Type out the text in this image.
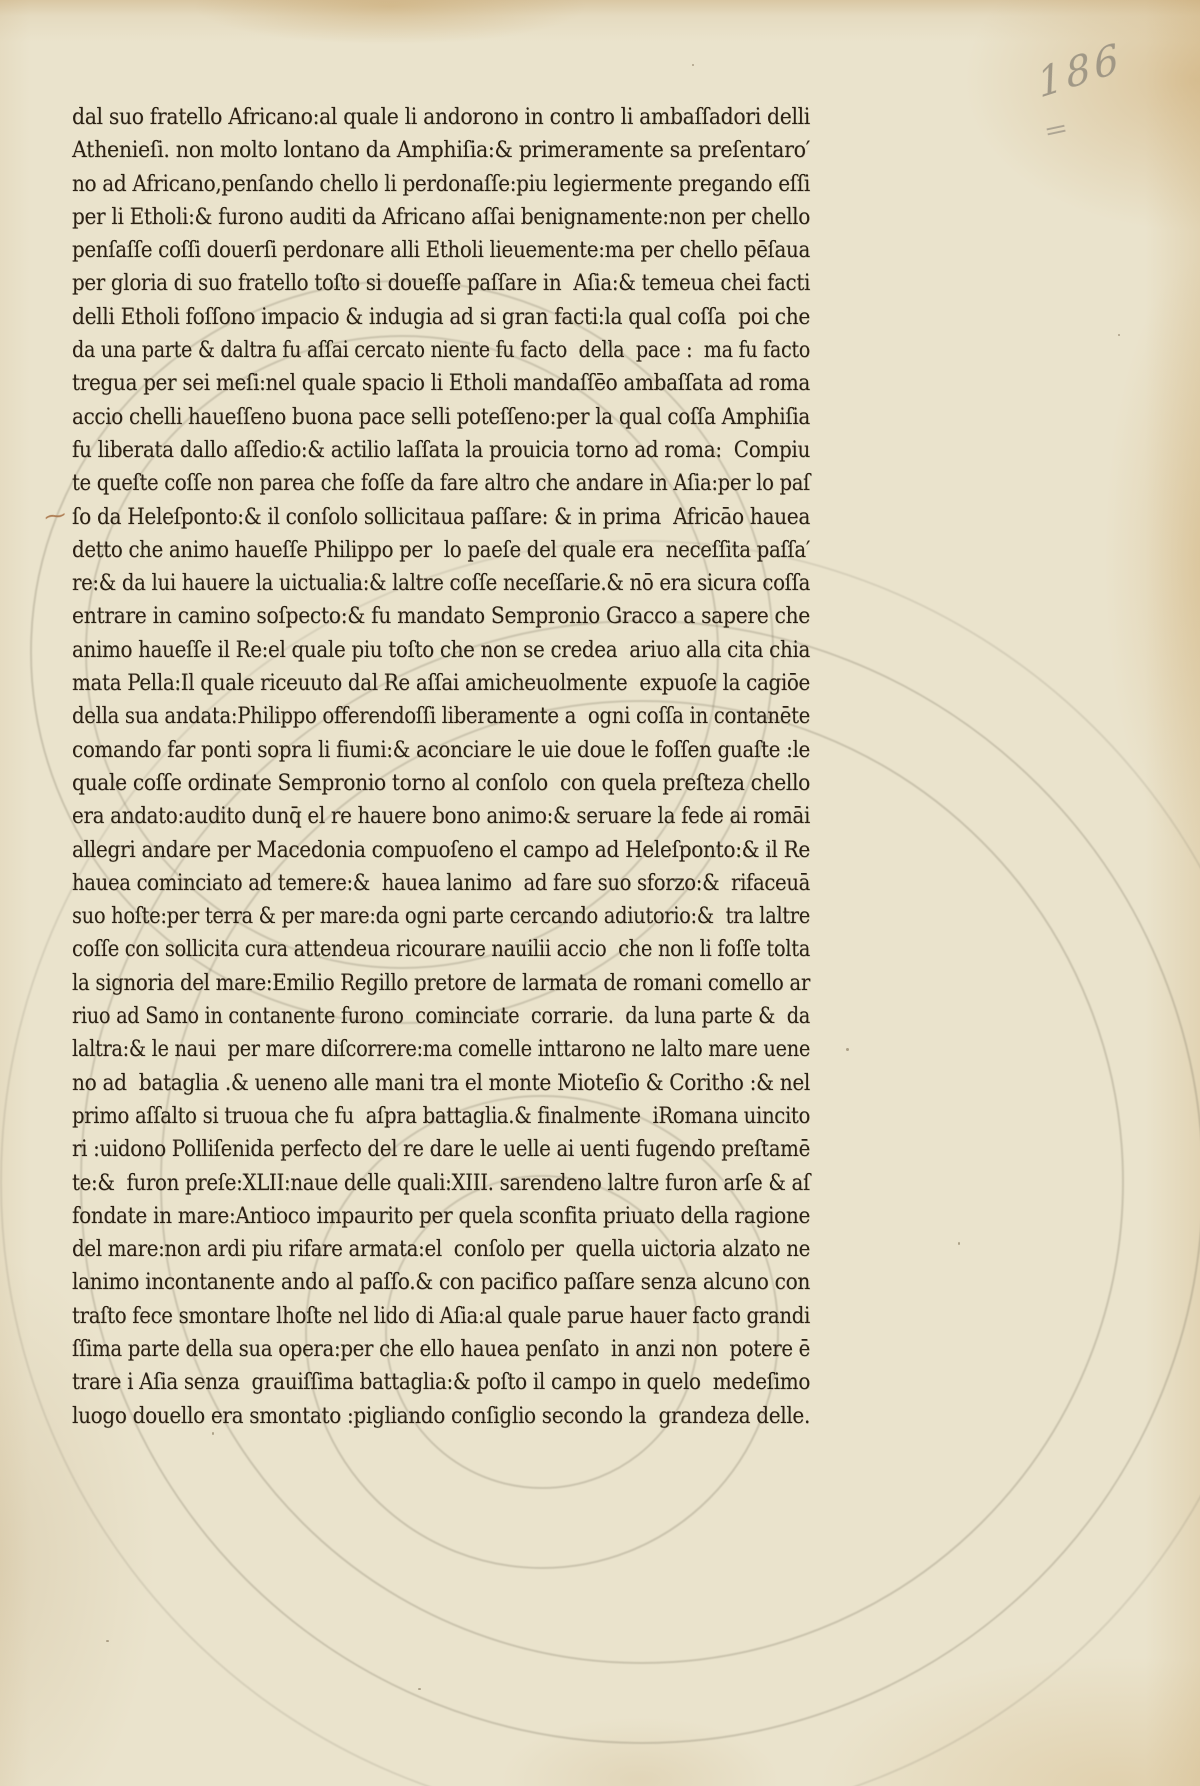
186
=
∼
dal suo fratello Africano:al quale li andorono in contro li ambaſſadori delli
Athenieſi. non molto lontano da Amphiſia:& primeramente sa preſentaro′
no ad Africano,penſando chello li perdonaſſe:piu legiermente pregando eſſi
per li Etholi:& furono auditi da Africano aſſai benignamente:non per chello
penſaſſe coſſi douerſi perdonare alli Etholi lieuemente:ma per chello pēſaua
per gloria di suo fratello toſto si doueſſe paſſare in  Aſia:& temeua chei facti
delli Etholi foſſono impacio & indugia ad si gran facti:la qual coſſa  poi che
da una parte & daltra fu aſſai cercato niente fu facto  della  pace :  ma fu facto
tregua per sei meſi:nel quale spacio li Etholi mandaſſēo ambaſſata ad roma
accio chelli haueſſeno buona pace selli poteſſeno:per la qual coſſa Amphiſia
fu liberata dallo aſſedio:& actilio laſſata la prouicia torno ad roma:  Compiu
te queſte coſſe non parea che foſſe da fare altro che andare in Aſia:per lo paſ
ſo da Heleſponto:& il conſolo sollicitaua paſſare: & in prima  Africāo hauea
detto che animo haueſſe Philippo per  lo paeſe del quale era  neceſſita paſſa′
re:& da lui hauere la uictualia:& laltre coſſe neceſſarie.& nō era sicura coſſa
entrare in camino soſpecto:& fu mandato Sempronio Gracco a sapere che
animo haueſſe il Re:el quale piu toſto che non se credea  ariuo alla cita chia
mata Pella:Il quale riceuuto dal Re aſſai amicheuolmente  expuoſe la cagiōe
della sua andata:Philippo offerendoſſi liberamente a  ogni coſſa in contanēte
comando far ponti sopra li fiumi:& aconciare le uie doue le foſſen guaſte :le
quale coſſe ordinate Sempronio torno al conſolo  con quela preſteza chello
era andato:audito dunq̄ el re hauere bono animo:& seruare la fede ai romāi
allegri andare per Macedonia compuoſeno el campo ad Heleſponto:& il Re
hauea cominciato ad temere:&  hauea lanimo  ad fare suo sforzo:&  rifaceuā
suo hoſte:per terra & per mare:da ogni parte cercando adiutorio:&  tra laltre
coſſe con sollicita cura attendeua ricourare nauilii accio  che non li foſſe tolta
la signoria del mare:Emilio Regillo pretore de larmata de romani comello ar
riuo ad Samo in contanente furono  cominciate  corrarie.  da luna parte &  da
laltra:& le naui  per mare diſcorrere:ma comelle inttarono ne lalto mare uene
no ad  bataglia .& ueneno alle mani tra el monte Mioteſio & Coritho :& nel
primo aſſalto si truoua che fu  aſpra battaglia.& finalmente  iRomana uincito
ri :uidono Polliſenida perfecto del re dare le uelle ai uenti fugendo preſtamē
te:&  furon preſe:XLII:naue delle quali:XIII. sarendeno laltre furon arſe & aſ
fondate in mare:Antioco impaurito per quela sconfita priuato della ragione
del mare:non ardi piu rifare armata:el  conſolo per  quella uictoria alzato ne
lanimo incontanente ando al paſſo.& con pacifico paſſare senza alcuno con
traſto fece smontare lhoſte nel lido di Aſia:al quale parue hauer facto grandi
ſſima parte della sua opera:per che ello hauea penſato  in anzi non  potere ē
trare i Aſia senza  grauiſſima battaglia:& poſto il campo in quelo  medeſimo
luogo douello era smontato :pigliando conſiglio secondo la  grandeza delle.
